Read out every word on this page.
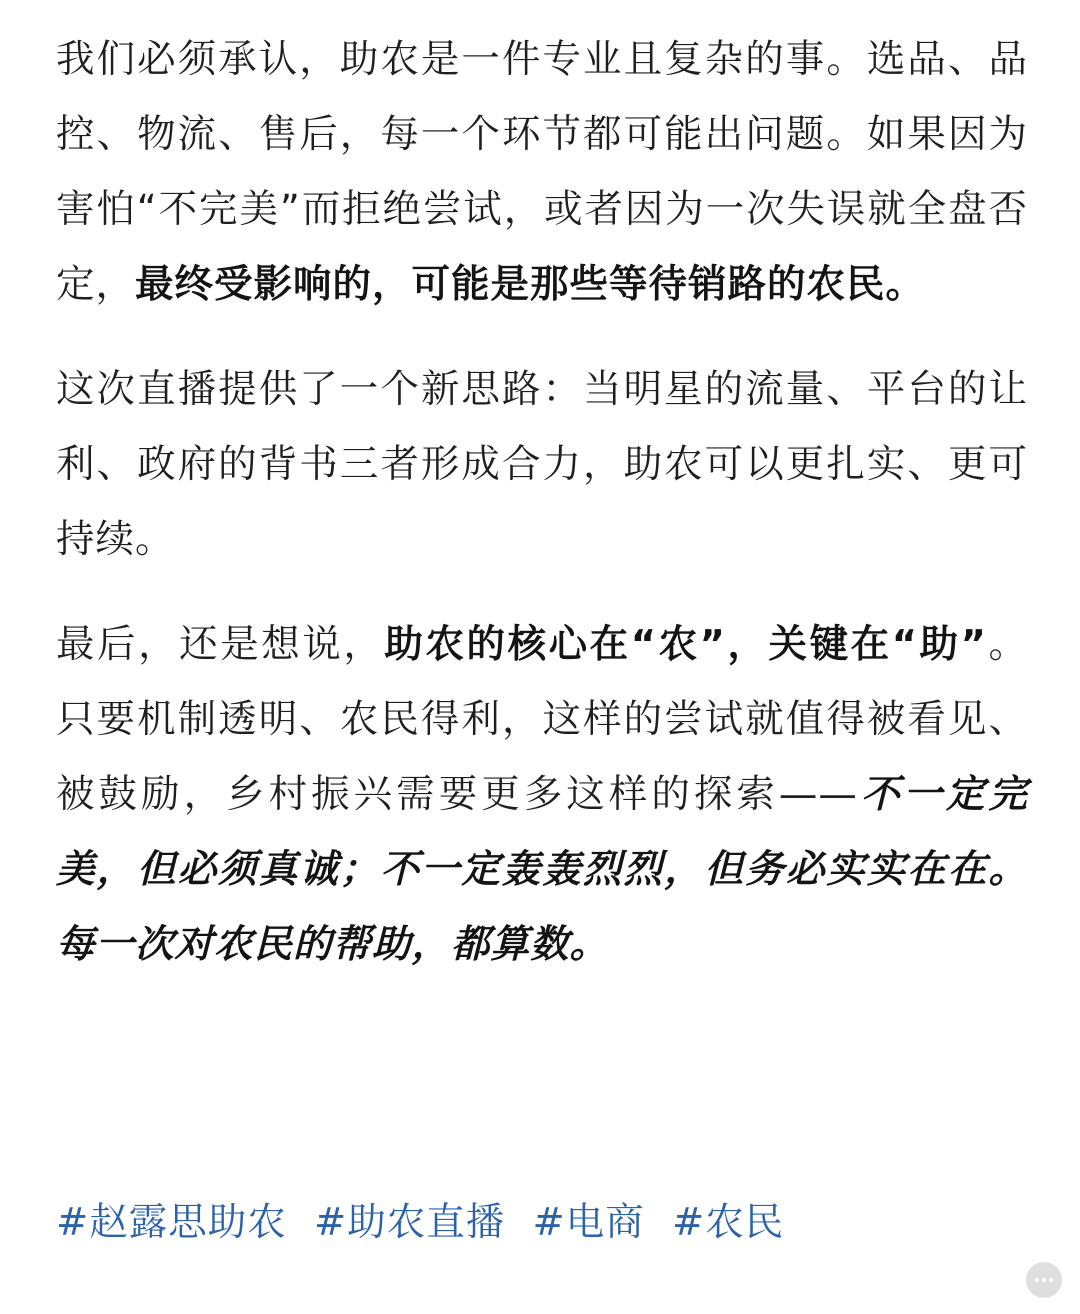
我们必须承认，助农是一件专业且复杂的事。选品、品控、物流、售后，每一个环节都可能出问题。如果因为害怕“不完美”而拒绝尝试，或者因为一次失误就全盘否定，最终受影响的，可能是那些等待销路的农民。

这次直播提供了一个新思路：当明星的流量、平台的让利、政府的背书三者形成合力，助农可以更扎实、更可持续。

最后，还是想说，助农的核心在“农”，关键在“助”。只要机制透明、农民得利，这样的尝试就值得被看见、被鼓励，乡村振兴需要更多这样的探索——不一定完美，但必须真诚；不一定轰轰烈烈，但务必实实在在。每一次对农民的帮助，都算数。

#赵露思助农 #助农直播 #电商 #农民
